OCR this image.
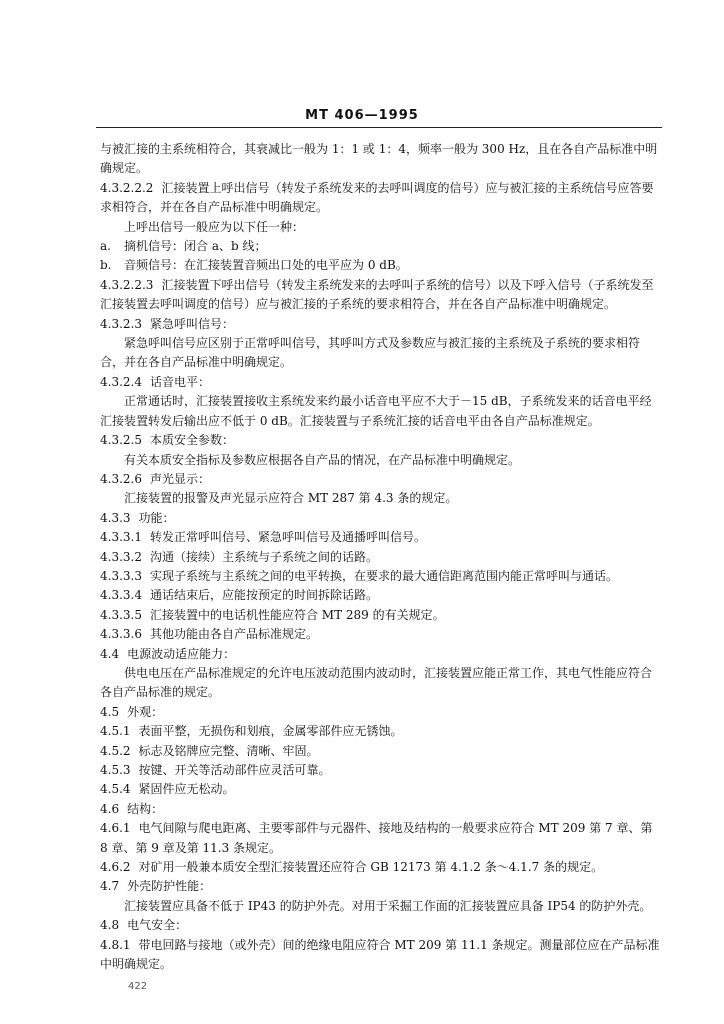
MT 406—1995

与被汇接的主系统相符合，其衰减比一般为 1：1 或 1：4，频率一般为 300 Hz，且在各自产品标准中明确规定。

4.3.2.2.2 汇接装置上呼出信号（转发子系统发来的去呼叫调度的信号）应与被汇接的主系统信号应答要求相符合，并在各自产品标准中明确规定。

上呼出信号一般应为以下任一种：

a. 摘机信号：闭合 a、b 线；

b. 音频信号：在汇接装置音频出口处的电平应为 0 dB。

4.3.2.2.3 汇接装置下呼出信号（转发主系统发来的去呼叫子系统的信号）以及下呼入信号（子系统发至汇接装置去呼叫调度的信号）应与被汇接的子系统的要求相符合，并在各自产品标准中明确规定。

4.3.2.3 紧急呼叫信号：

紧急呼叫信号应区别于正常呼叫信号，其呼叫方式及参数应与被汇接的主系统及子系统的要求相符合，并在各自产品标准中明确规定。

4.3.2.4 话音电平：

正常通话时，汇接装置接收主系统发来约最小话音电平应不大于－15 dB，子系统发来的话音电平经汇接装置转发后输出应不低于 0 dB。汇接装置与子系统汇接的话音电平由各自产品标准规定。

4.3.2.5 本质安全参数：

有关本质安全指标及参数应根据各自产品的情况，在产品标准中明确规定。

4.3.2.6 声光显示：

汇接装置的报警及声光显示应符合 MT 287 第 4.3 条的规定。

4.3.3 功能：

4.3.3.1 转发正常呼叫信号、紧急呼叫信号及通播呼叫信号。

4.3.3.2 沟通（接续）主系统与子系统之间的话路。

4.3.3.3 实现子系统与主系统之间的电平转换，在要求的最大通信距离范围内能正常呼叫与通话。

4.3.3.4 通话结束后，应能按预定的时间拆除话路。

4.3.3.5 汇接装置中的电话机性能应符合 MT 289 的有关规定。

4.3.3.6 其他功能由各自产品标准规定。

4.4 电源波动适应能力：

供电电压在产品标准规定的允许电压波动范围内波动时，汇接装置应能正常工作，其电气性能应符合各自产品标准的规定。

4.5 外观：

4.5.1 表面平整，无损伤和划痕，金属零部件应无锈蚀。

4.5.2 标志及铭牌应完整、清晰、牢固。

4.5.3 按键、开关等活动部件应灵活可靠。

4.5.4 紧固件应无松动。

4.6 结构：

4.6.1 电气间隙与爬电距离、主要零部件与元器件、接地及结构的一般要求应符合 MT 209 第 7 章、第 8 章、第 9 章及第 11.3 条规定。

4.6.2 对矿用一般兼本质安全型汇接装置还应符合 GB 12173 第 4.1.2 条～4.1.7 条的规定。

4.7 外壳防护性能：

汇接装置应具备不低于 IP43 的防护外壳。对用于采掘工作面的汇接装置应具备 IP54 的防护外壳。

4.8 电气安全：

4.8.1 带电回路与接地（或外壳）间的绝缘电阻应符合 MT 209 第 11.1 条规定。测量部位应在产品标准中明确规定。

422
